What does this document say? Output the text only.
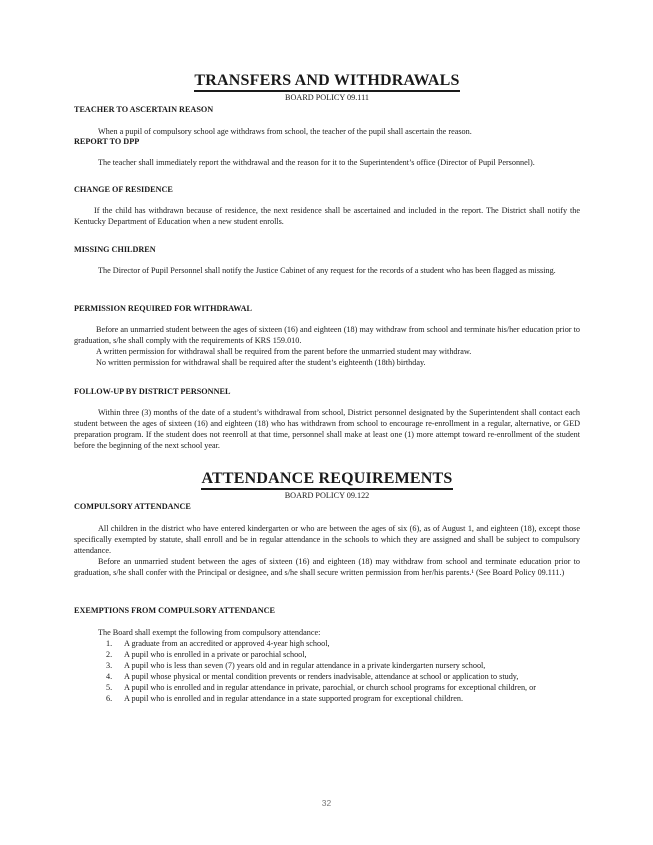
TRANSFERS AND WITHDRAWALS
BOARD POLICY 09.111
TEACHER TO ASCERTAIN REASON
When a pupil of compulsory school age withdraws from school, the teacher of the pupil shall ascertain the reason.
REPORT TO DPP
The teacher shall immediately report the withdrawal and the reason for it to the Superintendent’s office (Director of Pupil Personnel).
CHANGE OF RESIDENCE
If the child has withdrawn because of residence, the next residence shall be ascertained and included in the report. The District shall notify the Kentucky Department of Education when a new student enrolls.
MISSING CHILDREN
The Director of Pupil Personnel shall notify the Justice Cabinet of any request for the records of a student who has been flagged as missing.
PERMISSION REQUIRED FOR WITHDRAWAL
Before an unmarried student between the ages of sixteen (16) and eighteen (18) may withdraw from school and terminate his/her education prior to graduation, s/he shall comply with the requirements of KRS 159.010.
A written permission for withdrawal shall be required from the parent before the unmarried student may withdraw.
No written permission for withdrawal shall be required after the student’s eighteenth (18th) birthday.
FOLLOW-UP BY DISTRICT PERSONNEL
Within three (3) months of the date of a student’s withdrawal from school, District personnel designated by the Superintendent shall contact each student between the ages of sixteen (16) and eighteen (18) who has withdrawn from school to encourage re-enrollment in a regular, alternative, or GED preparation program. If the student does not reenroll at that time, personnel shall make at least one (1) more attempt toward re-enrollment of the student before the beginning of the next school year.
ATTENDANCE REQUIREMENTS
BOARD POLICY 09.122
COMPULSORY ATTENDANCE
All children in the district who have entered kindergarten or who are between the ages of six (6), as of August 1, and eighteen (18), except those specifically exempted by statute, shall enroll and be in regular attendance in the schools to which they are assigned and shall be subject to compulsory attendance.
Before an unmarried student between the ages of sixteen (16) and eighteen (18) may withdraw from school and terminate education prior to graduation, s/he shall confer with the Principal or designee, and s/he shall secure written permission from her/his parents.¹ (See Board Policy 09.111.)
EXEMPTIONS FROM COMPULSORY ATTENDANCE
The Board shall exempt the following from compulsory attendance:
1. A graduate from an accredited or approved 4-year high school,
2. A pupil who is enrolled in a private or parochial school,
3. A pupil who is less than seven (7) years old and in regular attendance in a private kindergarten nursery school,
4. A pupil whose physical or mental condition prevents or renders inadvisable, attendance at school or application to study,
5. A pupil who is enrolled and in regular attendance in private, parochial, or church school programs for exceptional children, or
6. A pupil who is enrolled and in regular attendance in a state supported program for exceptional children.
32
